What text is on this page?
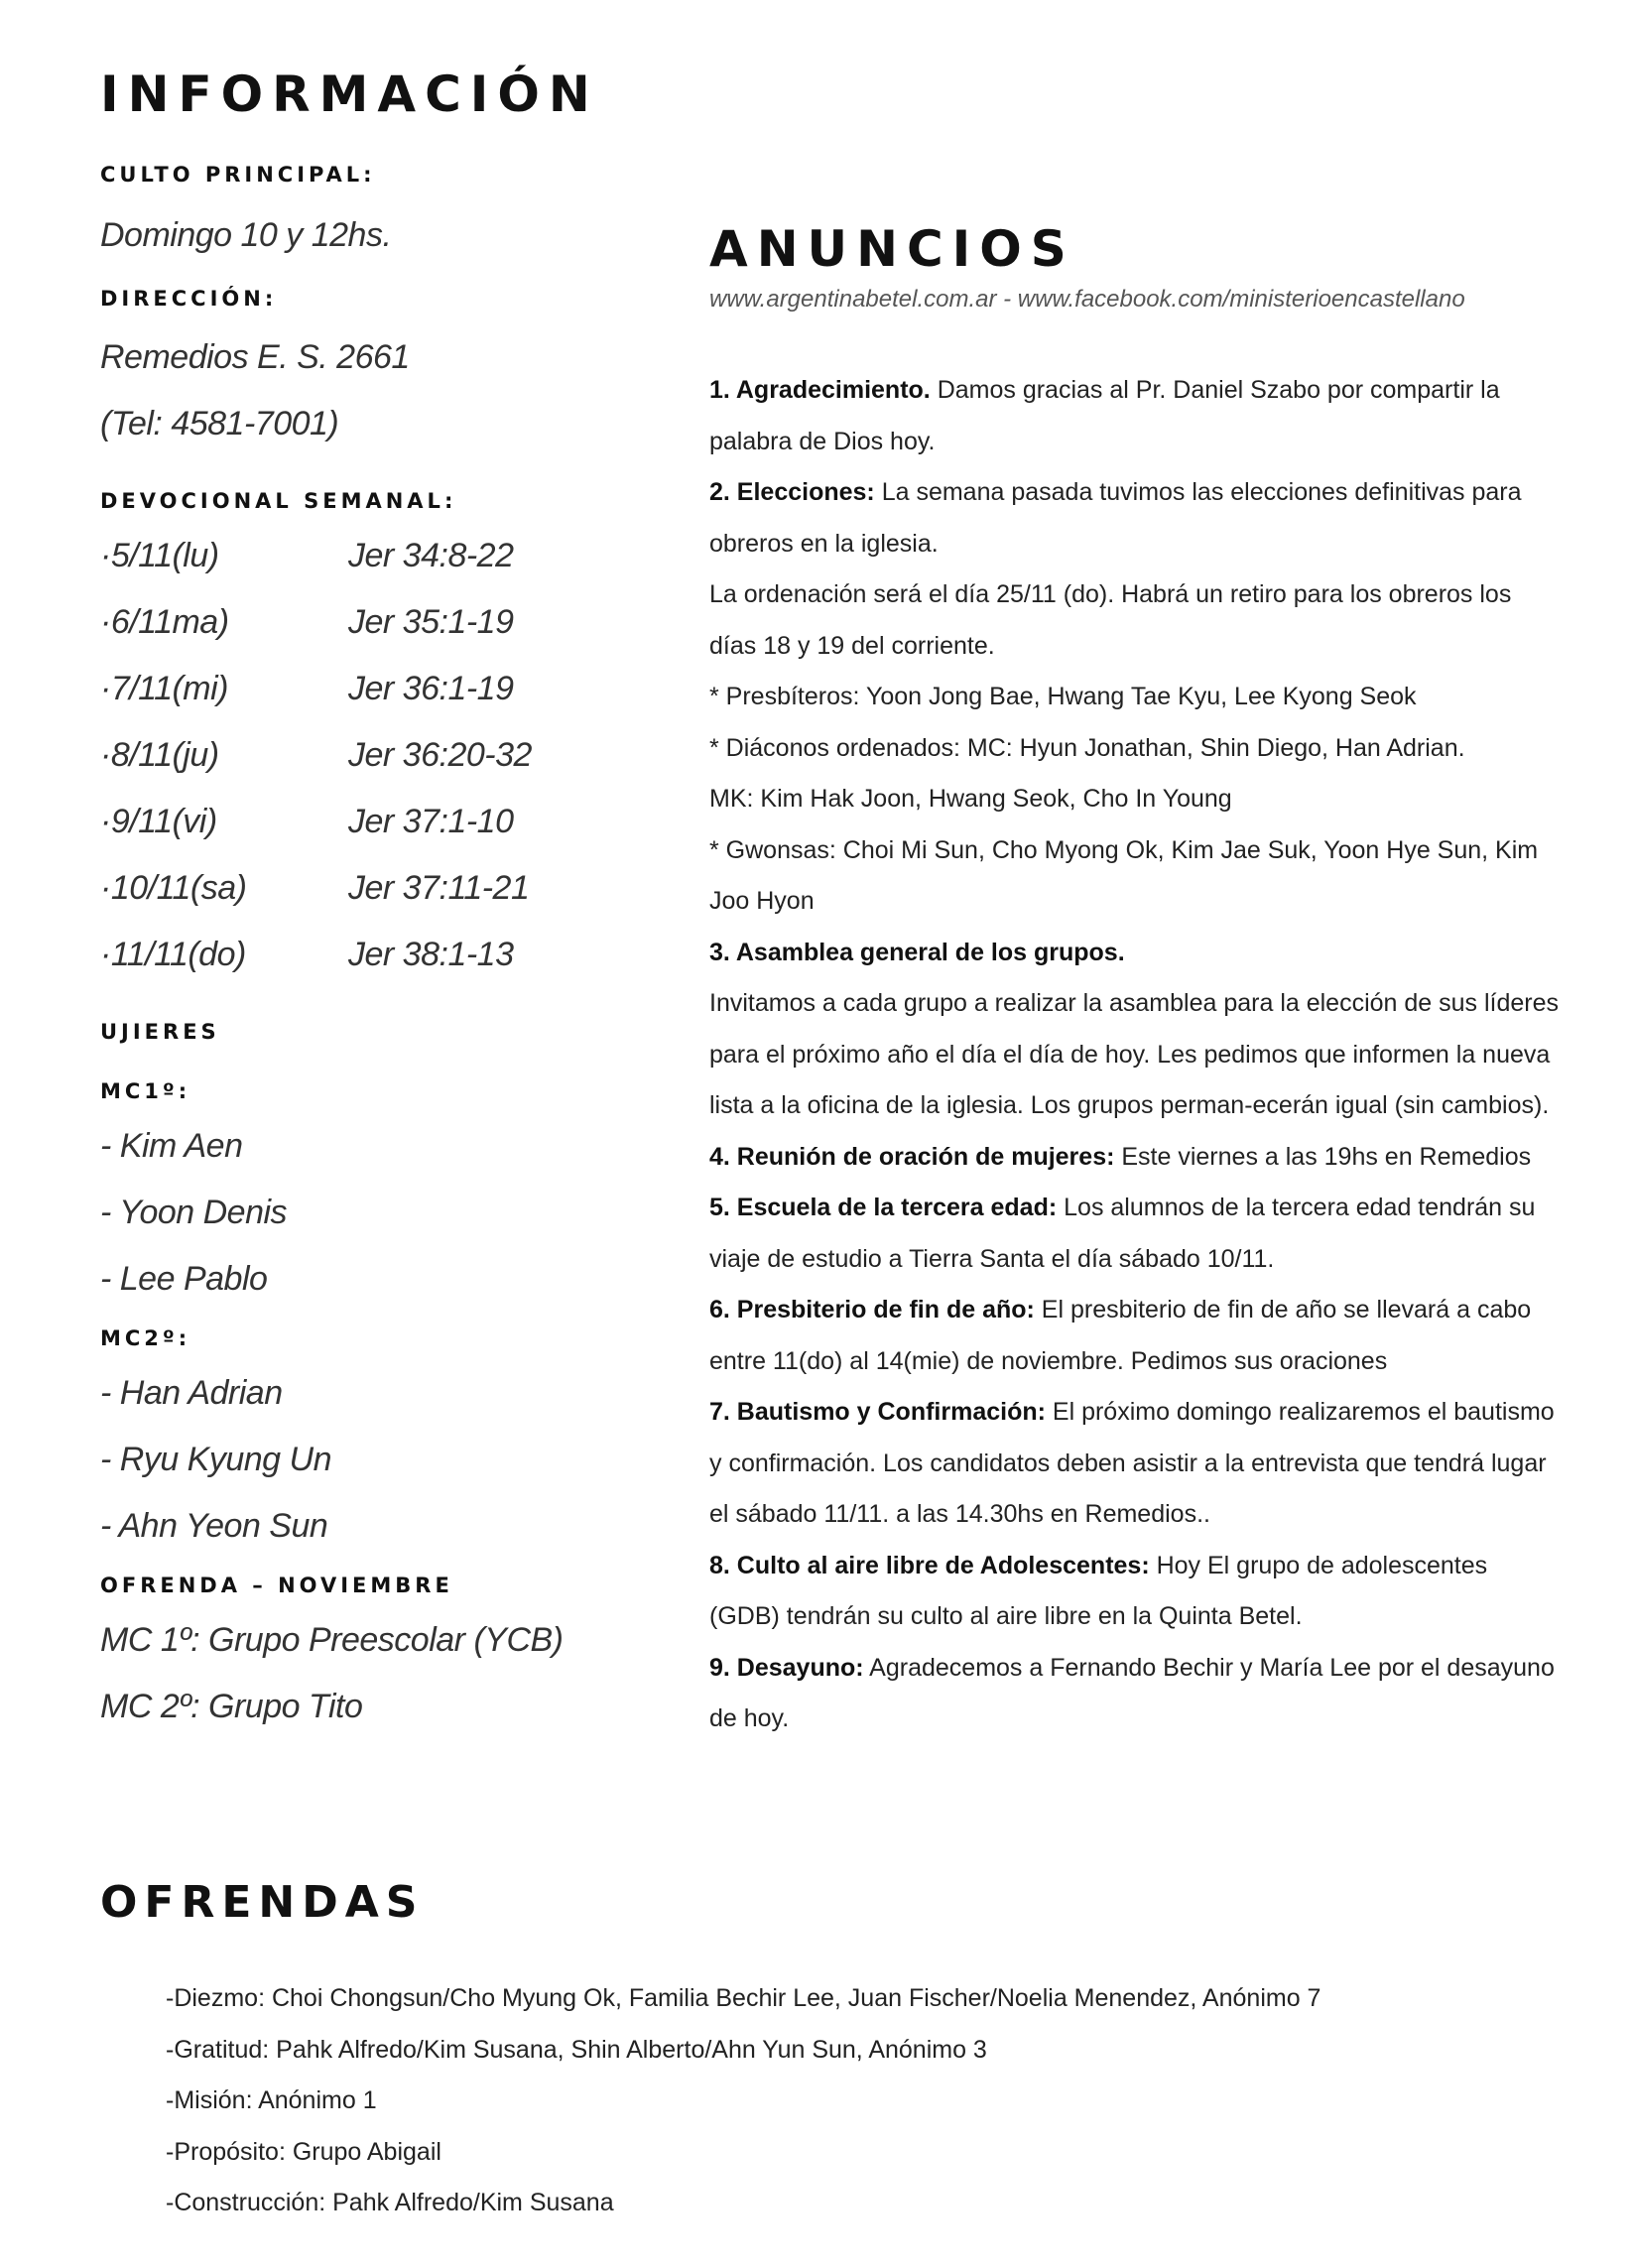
INFORMACIÓN
CULTO PRINCIPAL:
Domingo 10 y 12hs.
DIRECCIÓN:
Remedios E. S. 2661
(Tel: 4581-7001)
DEVOCIONAL SEMANAL:
·5/11(lu)	Jer 34:8-22
·6/11ma)	Jer 35:1-19
·7/11(mi)	Jer 36:1-19
·8/11(ju)	Jer 36:20-32
·9/11(vi)	Jer 37:1-10
·10/11(sa)	Jer 37:11-21
·11/11(do)	Jer 38:1-13
UJIERES
MC1º:
- Kim Aen
- Yoon Denis
- Lee Pablo
MC2º:
- Han Adrian
- Ryu Kyung Un
- Ahn Yeon Sun
OFRENDA – NOVIEMBRE
MC 1º: Grupo Preescolar (YCB)
MC 2º: Grupo Tito
ANUNCIOS
www.argentinabetel.com.ar - www.facebook.com/ministerioencastellano

1. Agradecimiento. Damos gracias al Pr. Daniel Szabo por compartir la palabra de Dios hoy.

2. Elecciones: La semana pasada tuvimos las elecciones definitivas para obreros en la iglesia.

La ordenación será el día 25/11 (do). Habrá un retiro para los obreros los días 18 y 19 del corriente.

* Presbíteros: Yoon Jong Bae, Hwang Tae Kyu, Lee Kyong Seok

* Diáconos ordenados: MC: Hyun Jonathan, Shin Diego, Han Adrian.

MK: Kim Hak Joon, Hwang Seok, Cho In Young

* Gwonsas: Choi Mi Sun, Cho Myong Ok, Kim Jae Suk, Yoon Hye Sun, Kim Joo Hyon

3. Asamblea general de los grupos.

Invitamos a cada grupo a realizar la asamblea para la elección de sus líderes para el próximo año el día el día de hoy. Les pedimos que informen la nueva lista a la oficina de la iglesia. Los grupos perman-ecerán igual (sin cambios).

4. Reunión de oración de mujeres: Este viernes a las 19hs en Remedios

5. Escuela de la tercera edad: Los alumnos de la tercera edad tendrán su viaje de estudio a Tierra Santa el día sábado 10/11.

6. Presbiterio de fin de año: El presbiterio de fin de año se llevará a cabo entre 11(do) al 14(mie) de noviembre. Pedimos sus oraciones

7. Bautismo y Confirmación: El próximo domingo realizaremos el bautismo y confirmación. Los candidatos deben asistir a la entrevista que tendrá lugar el sábado 11/11. a las 14.30hs en Remedios..

8. Culto al aire libre de Adolescentes: Hoy El grupo de adolescentes (GDB) tendrán su culto al aire libre en la Quinta Betel.

9. Desayuno: Agradecemos a Fernando Bechir y María Lee por el desayuno de hoy.

OFRENDAS
-Diezmo: Choi Chongsun/Cho Myung Ok, Familia Bechir Lee, Juan Fischer/Noelia Menendez, Anónimo 7
-Gratitud: Pahk Alfredo/Kim Susana, Shin Alberto/Ahn Yun Sun, Anónimo 3
-Misión: Anónimo 1
-Propósito: Grupo Abigail
-Construcción: Pahk Alfredo/Kim Susana
